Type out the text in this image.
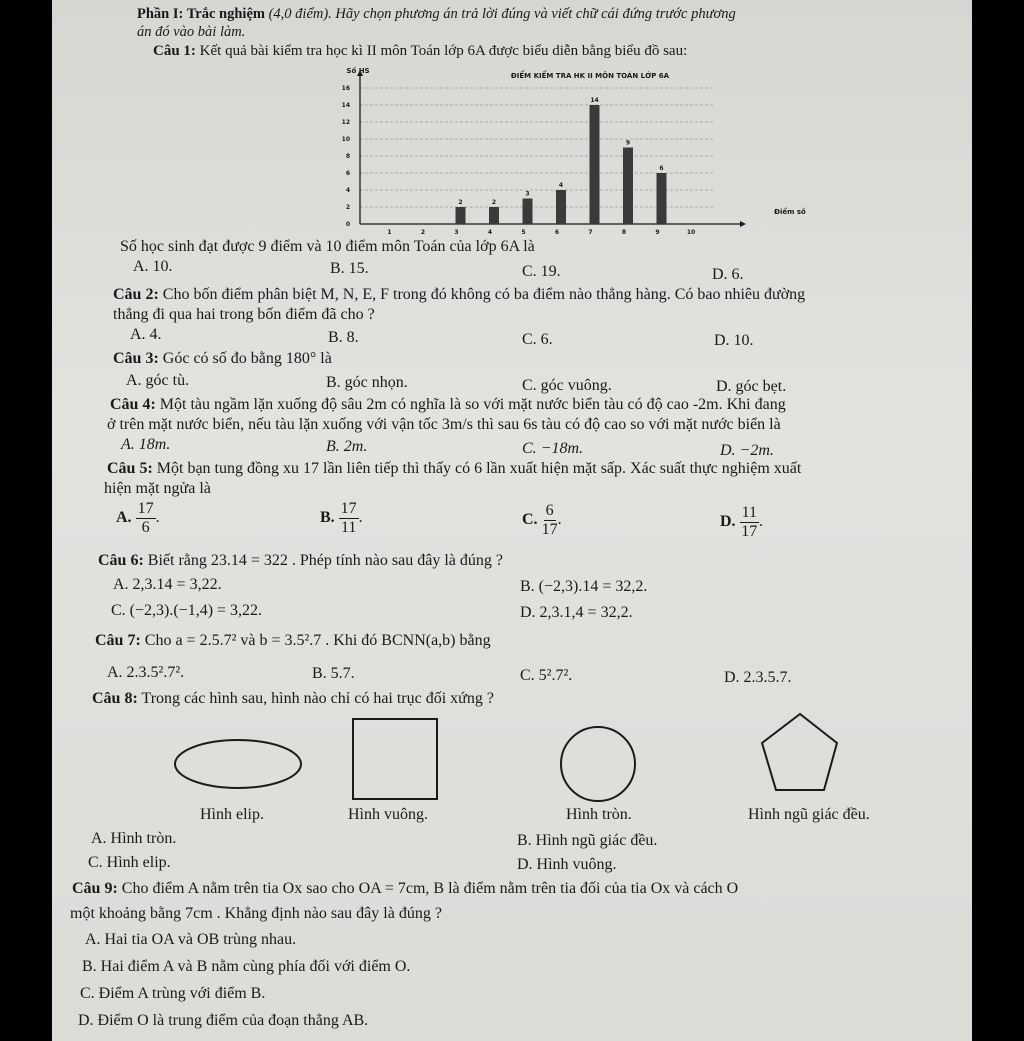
Phần I: Trắc nghiệm (4,0 điểm). Hãy chọn phương án trả lời đúng và viết chữ cái đứng trước phương
án đó vào bài làm.
Câu 1: Kết quả bài kiểm tra học kì II môn Toán lớp 6A được biểu diễn bằng biểu đồ sau:
0
2
4
6
8
10
12
14
16
1	2	3	4	5	6	7	8	9	10
2	2
3
4
14
9
6
ĐIỂM KIỂM TRA HK II MÔN TOÁN LỚP 6A
Số HS
Điểm số
Số học sinh đạt được 9 điểm và 10 điểm môn Toán của lớp 6A là
A. 10.	B. 15.	C. 19.	D. 6.
Câu 2: Cho bốn điểm phân biệt M, N, E, F trong đó không có ba điểm nào thẳng hàng. Có bao nhiêu đường
thẳng đi qua hai trong bốn điểm đã cho ?
A. 4.	B. 8.	C. 6.	D. 10.
Câu 3: Góc có số đo bằng 180° là
A. góc tù.	B. góc nhọn.	C. góc vuông.	D. góc bẹt.
Câu 4: Một tàu ngầm lặn xuống độ sâu 2m có nghĩa là so với mặt nước biển tàu có độ cao -2m. Khi đang
ở trên mặt nước biển, nếu tàu lặn xuống với vận tốc 3m/s thì sau 6s tàu có độ cao so với mặt nước biển là
A. 18m.	B. 2m.	C. −18m.	D. −2m.
Câu 5: Một bạn tung đồng xu 17 lần liên tiếp thì thấy có 6 lần xuất hiện mặt sấp. Xác suất thực nghiệm xuất
hiện mặt ngửa là
A. $\frac{17}{6}$ .	B. $\frac{17}{11}$ .	C. $\frac{6}{17}$ .	D. $\frac{11}{17}$ .
Câu 6: Biết rằng 23.14 = 322 . Phép tính nào sau đây là đúng ?
A. 2,3.14 = 3,22.	B. (−2,3).14 = 32,2.
C. (−2,3).(−1,4) = 3,22.	D. 2,3.1,4 = 32,2.
Câu 7: Cho a = 2.5.7² và b = 3.5².7 . Khi đó BCNN(a,b) bằng
A. 2.3.5².7².	B. 5.7.	C. 5².7².	D. 2.3.5.7.
Câu 8: Trong các hình sau, hình nào chỉ có hai trục đối xứng ?
Hình elip.	Hình vuông.	Hình tròn.	Hình ngũ giác đều.
A. Hình tròn.	B. Hình ngũ giác đều.
C. Hình elip.	D. Hình vuông.
Câu 9: Cho điểm A nằm trên tia Ox sao cho OA = 7cm, B là điểm nằm trên tia đối của tia Ox và cách O
một khoảng bằng 7cm . Khẳng định nào sau đây là đúng ?
A. Hai tia OA và OB trùng nhau.
B. Hai điểm A và B nằm cùng phía đối với điểm O.
C. Điểm A trùng với điểm B.
D. Điểm O là trung điểm của đoạn thẳng AB.
